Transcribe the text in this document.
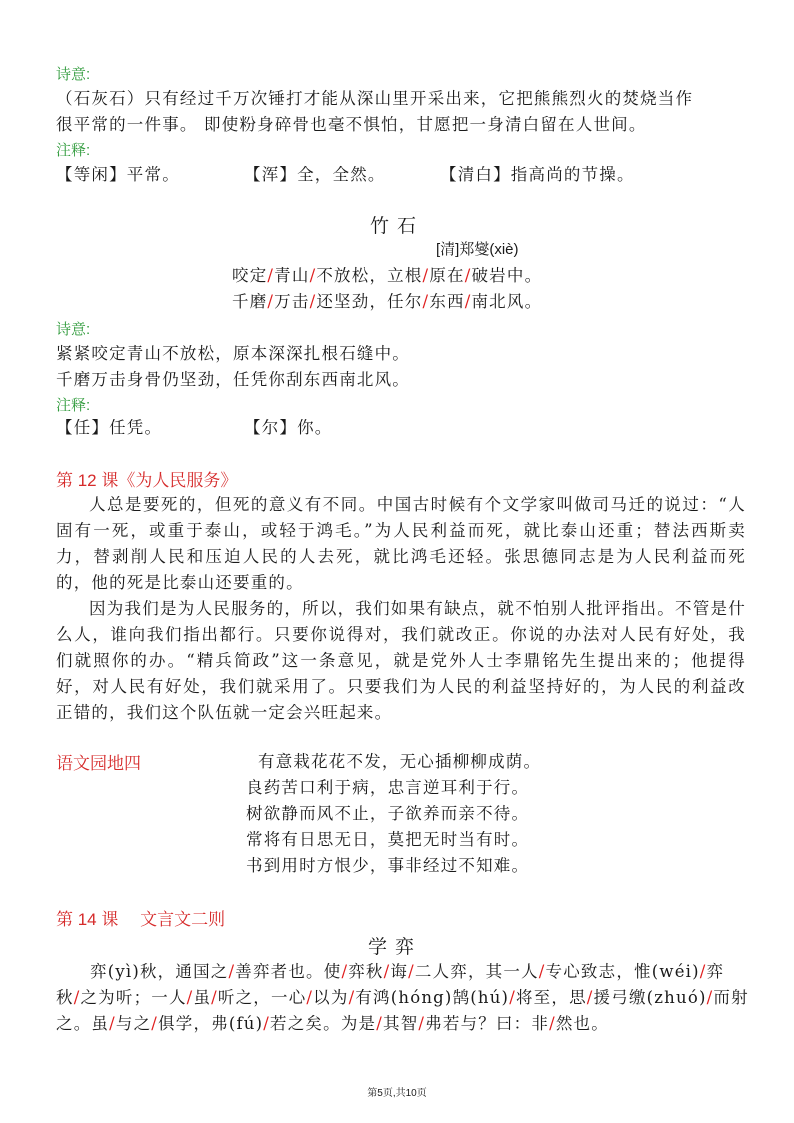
诗意:
（石灰石）只有经过千万次锤打才能从深山里开采出来，它把熊熊烈火的焚烧当作
很平常的一件事。 即使粉身碎骨也毫不惧怕，甘愿把一身清白留在人世间。
注释:
【等闲】平常。	【浑】全，全然。	【清白】指高尚的节操。
竹石
[清]郑燮(xiè)
咬定/青山/不放松，立根/原在/破岩中。
千磨/万击/还坚劲，任尔/东西/南北风。
诗意:
紧紧咬定青山不放松，原本深深扎根石缝中。
千磨万击身骨仍坚劲，任凭你刮东西南北风。
注释:
【任】任凭。	【尔】你。
第 12 课《为人民服务》
人总是要死的，但死的意义有不同。中国古时候有个文学家叫做司马迁的说过：“人固有一死，或重于泰山，或轻于鸿毛。”为人民利益而死，就比泰山还重；替法西斯卖力，替剥削人民和压迫人民的人去死，就比鸿毛还轻。张思德同志是为人民利益而死的，他的死是比泰山还要重的。
因为我们是为人民服务的，所以，我们如果有缺点，就不怕别人批评指出。不管是什么人，谁向我们指出都行。只要你说得对，我们就改正。你说的办法对人民有好处，我们就照你的办。“精兵简政”这一条意见，就是党外人士李鼎铭先生提出来的；他提得好，对人民有好处，我们就采用了。只要我们为人民的利益坚持好的，为人民的利益改正错的，我们这个队伍就一定会兴旺起来。
语文园地四	有意栽花花不发，无心插柳柳成荫。
良药苦口利于病，忠言逆耳利于行。
树欲静而风不止，子欲养而亲不待。
常将有日思无日，莫把无时当有时。
书到用时方恨少，事非经过不知难。
第 14 课　 文言文二则
学弈
弈(yì)秋，通国之/善弈者也。使/弈秋/诲/二人弈，其一人/专心致志，惟(wéi)/弈
秋/之为听；一人/虽/听之，一心/以为/有鸿(hóng)鹄(hú)/将至，思/援弓缴(zhuó)/而射
之。虽/与之/俱学，弗(fú)/若之矣。为是/其智/弗若与？曰：非/然也。
第5页,共10页
